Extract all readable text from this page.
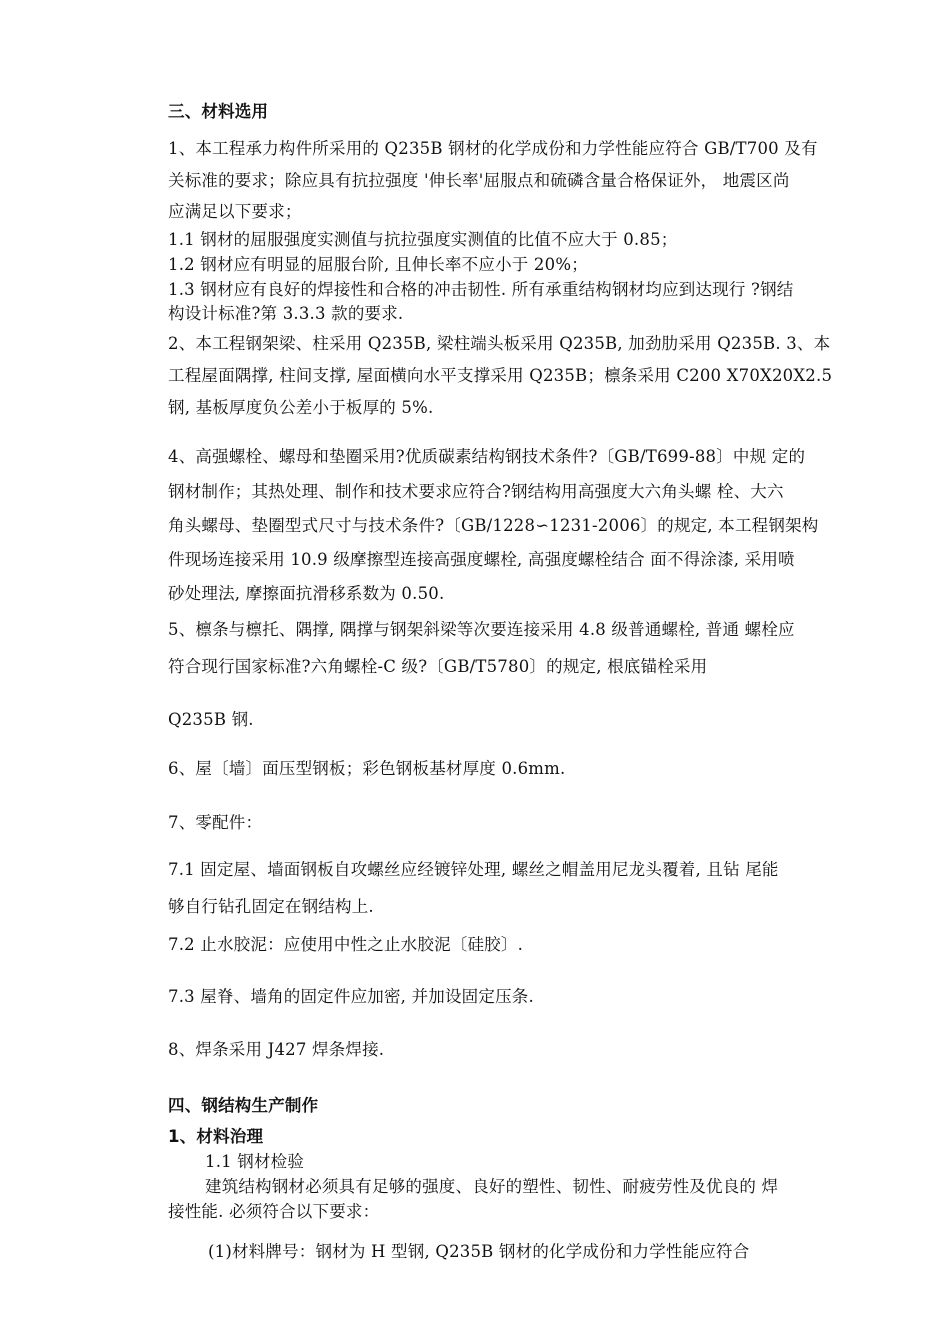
三、材料选用
1、本工程承力构件所采用的 Q235B 钢材的化学成份和力学性能应符合 GB/T700 及有
关标准的要求；除应具有抗拉强度 '伸长率'屈服点和硫磷含量合格保证外， 地震区尚
应满足以下要求；
1.1 钢材的屈服强度实测值与抗拉强度实测值的比值不应大于 0.85；
1.2 钢材应有明显的屈服台阶, 且伸长率不应小于 20%；
1.3 钢材应有良好的焊接性和合格的冲击韧性. 所有承重结构钢材均应到达现行 ?钢结
构设计标准?第 3.3.3 款的要求.
2、本工程钢架梁、柱采用 Q235B, 梁柱端头板采用 Q235B, 加劲肋采用 Q235B. 3、本
工程屋面隅撑, 柱间支撑, 屋面横向水平支撑采用 Q235B；檩条采用 C200 X70X20X2.5
钢, 基板厚度负公差小于板厚的 5%.
4、高强螺栓、螺母和垫圈采用?优质碳素结构钢技术条件?〔GB/T699-88〕中规 定的
钢材制作；其热处理、制作和技术要求应符合?钢结构用高强度大六角头螺 栓、大六
角头螺母、垫圈型式尺寸与技术条件?〔GB/1228∽1231-2006〕的规定, 本工程钢架构
件现场连接采用 10.9 级摩擦型连接高强度螺栓, 高强度螺栓结合 面不得涂漆, 采用喷
砂处理法, 摩擦面抗滑移系数为 0.50.
5、檩条与檩托、隅撑, 隅撑与钢架斜梁等次要连接采用 4.8 级普通螺栓, 普通 螺栓应
符合现行国家标准?六角螺栓-C 级?〔GB/T5780〕的规定, 根底锚栓采用
Q235B 钢.
6、屋〔墙〕面压型钢板；彩色钢板基材厚度 0.6mm.
7、零配件：
7.1 固定屋、墙面钢板自攻螺丝应经镀锌处理, 螺丝之帽盖用尼龙头覆着, 且钻 尾能
够自行钻孔固定在钢结构上.
7.2 止水胶泥：应使用中性之止水胶泥〔硅胶〕.
7.3 屋脊、墙角的固定件应加密, 并加设固定压条.
8、焊条采用 J427 焊条焊接.
四、钢结构生产制作
1、材料治理
1.1 钢材检验
建筑结构钢材必须具有足够的强度、良好的塑性、韧性、耐疲劳性及优良的 焊
接性能. 必须符合以下要求：
(1)材料牌号：钢材为 H 型钢, Q235B 钢材的化学成份和力学性能应符合
